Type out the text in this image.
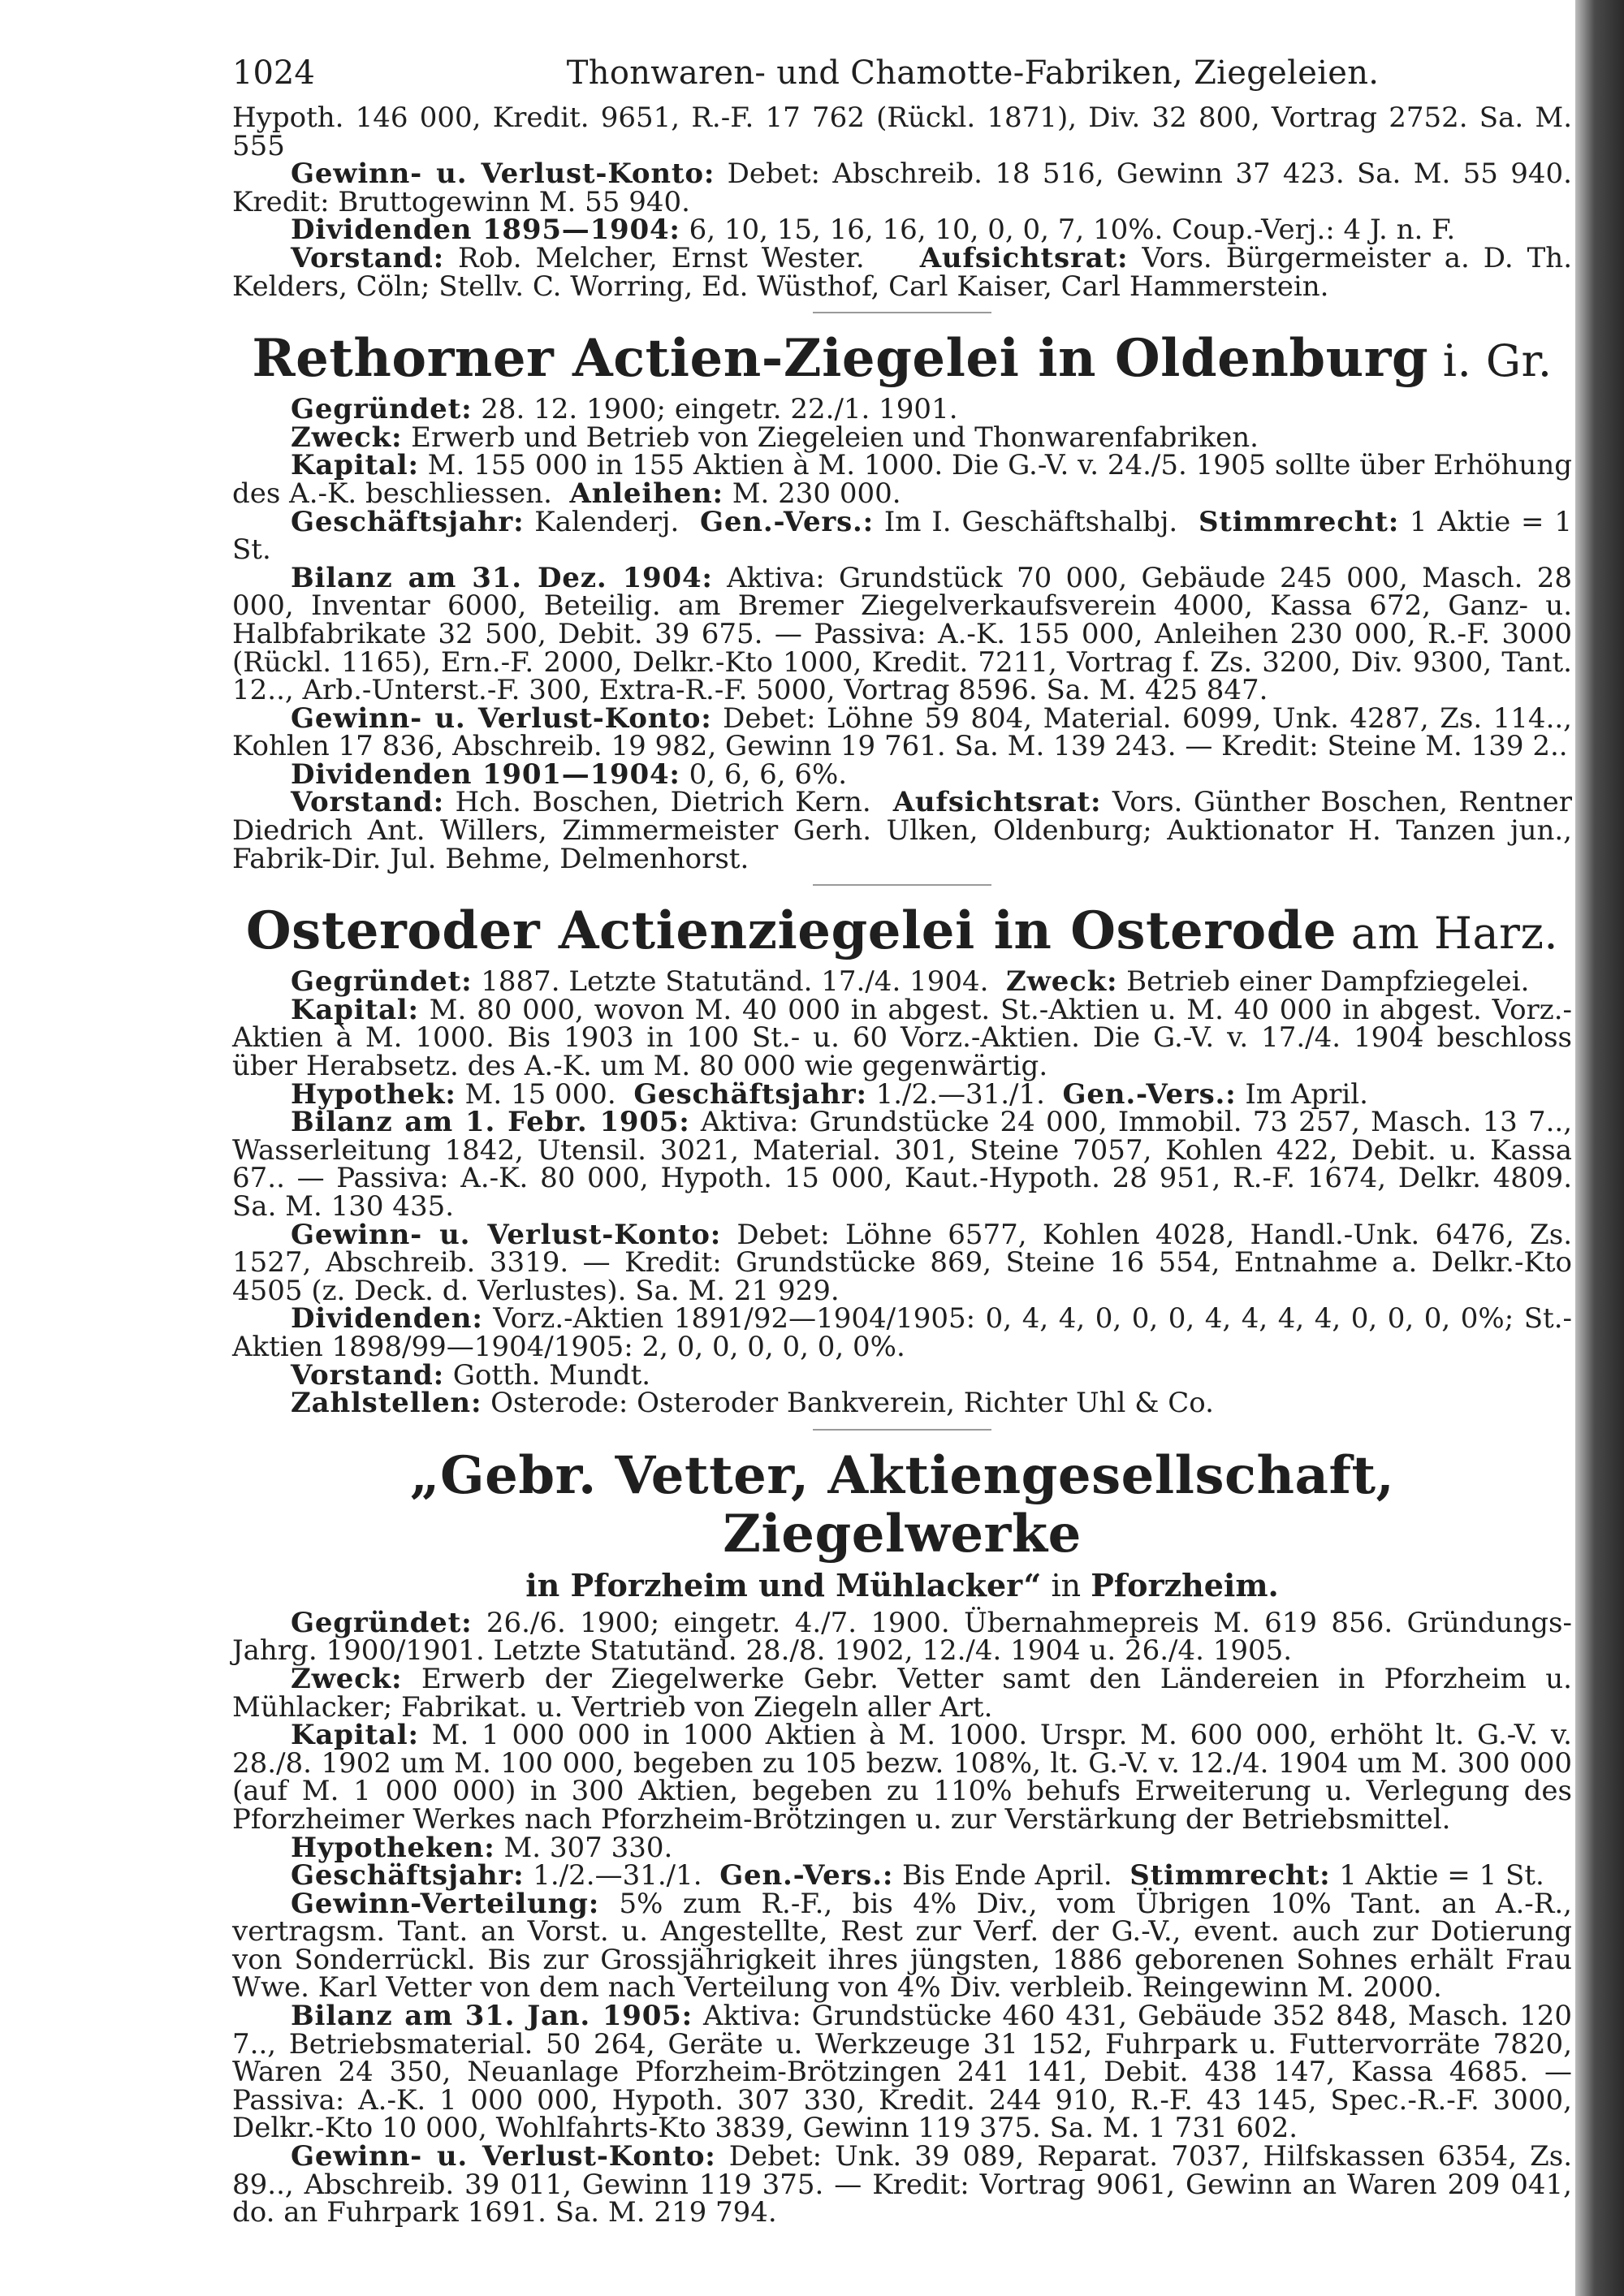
1024	Thonwaren- und Chamotte-Fabriken, Ziegeleien.

Hypoth. 146 000, Kredit. 9651, R.-F. 17 762 (Rückl. 1871), Div. 32 800, Vortrag 2752. Sa. M. 555

Gewinn- u. Verlust-Konto: Debet: Abschreib. 18 516, Gewinn 37 423. Sa. M. 55 940. Kredit: Bruttogewinn M. 55 940.

Dividenden 1895—1904: 6, 10, 15, 16, 16, 10, 0, 0, 7, 10%. Coup.-Verj.: 4 J. n. F.

Vorstand: Rob. Melcher, Ernst Wester. Aufsichtsrat: Vors. Bürgermeister a. D. Th. Kelders, Cöln; Stellv. C. Worring, Ed. Wüsthof, Carl Kaiser, Carl Hammerstein.

Rethorner Actien-Ziegelei in Oldenburg i. Gr.

Gegründet: 28. 12. 1900; eingetr. 22./1. 1901.

Zweck: Erwerb und Betrieb von Ziegeleien und Thonwarenfabriken.

Kapital: M. 155 000 in 155 Aktien à M. 1000. Die G.-V. v. 24./5. 1905 sollte über Erhöhung des A.-K. beschliessen. Anleihen: M. 230 000.

Geschäftsjahr: Kalenderj. Gen.-Vers.: Im I. Geschäftshalbj. Stimmrecht: 1 Aktie = 1 St.

Bilanz am 31. Dez. 1904: Aktiva: Grundstück 70 000, Gebäude 245 000, Masch. 28 000, Inventar 6000, Beteilig. am Bremer Ziegelverkaufsverein 4000, Kassa 672, Ganz- u. Halbfabrikate 32 500, Debit. 39 675. — Passiva: A.-K. 155 000, Anleihen 230 000, R.-F. 3000 (Rückl. 1165), Ern.-F. 2000, Delkr.-Kto 1000, Kredit. 7211, Vortrag f. Zs. 3200, Div. 9300, Tant. 12.., Arb.-Unterst.-F. 300, Extra-R.-F. 5000, Vortrag 8596. Sa. M. 425 847.

Gewinn- u. Verlust-Konto: Debet: Löhne 59 804, Material. 6099, Unk. 4287, Zs. 114.., Kohlen 17 836, Abschreib. 19 982, Gewinn 19 761. Sa. M. 139 243. — Kredit: Steine M. 139 2..

Dividenden 1901—1904: 0, 6, 6, 6%.

Vorstand: Hch. Boschen, Dietrich Kern. Aufsichtsrat: Vors. Günther Boschen, Rentner Diedrich Ant. Willers, Zimmermeister Gerh. Ulken, Oldenburg; Auktionator H. Tanzen jun., Fabrik-Dir. Jul. Behme, Delmenhorst.

Osteroder Actienziegelei in Osterode am Harz.

Gegründet: 1887. Letzte Statutänd. 17./4. 1904. Zweck: Betrieb einer Dampfziegelei.

Kapital: M. 80 000, wovon M. 40 000 in abgest. St.-Aktien u. M. 40 000 in abgest. Vorz.-Aktien à M. 1000. Bis 1903 in 100 St.- u. 60 Vorz.-Aktien. Die G.-V. v. 17./4. 1904 beschloss über Herabsetz. des A.-K. um M. 80 000 wie gegenwärtig.

Hypothek: M. 15 000. Geschäftsjahr: 1./2.—31./1. Gen.-Vers.: Im April.

Bilanz am 1. Febr. 1905: Aktiva: Grundstücke 24 000, Immobil. 73 257, Masch. 13 7.., Wasserleitung 1842, Utensil. 3021, Material. 301, Steine 7057, Kohlen 422, Debit. u. Kassa 67.. — Passiva: A.-K. 80 000, Hypoth. 15 000, Kaut.-Hypoth. 28 951, R.-F. 1674, Delkr. 4809. Sa. M. 130 435.

Gewinn- u. Verlust-Konto: Debet: Löhne 6577, Kohlen 4028, Handl.-Unk. 6476, Zs. 1527, Abschreib. 3319. — Kredit: Grundstücke 869, Steine 16 554, Entnahme a. Delkr.-Kto 4505 (z. Deck. d. Verlustes). Sa. M. 21 929.

Dividenden: Vorz.-Aktien 1891/92—1904/1905: 0, 4, 4, 0, 0, 0, 4, 4, 4, 4, 0, 0, 0, 0%; St.-Aktien 1898/99—1904/1905: 2, 0, 0, 0, 0, 0, 0%.

Vorstand: Gotth. Mundt.

Zahlstellen: Osterode: Osteroder Bankverein, Richter Uhl & Co.

„Gebr. Vetter, Aktiengesellschaft, Ziegelwerke
in Pforzheim und Mühlacker“ in Pforzheim.

Gegründet: 26./6. 1900; eingetr. 4./7. 1900. Übernahmepreis M. 619 856. Gründungs-Jahrg. 1900/1901. Letzte Statutänd. 28./8. 1902, 12./4. 1904 u. 26./4. 1905.

Zweck: Erwerb der Ziegelwerke Gebr. Vetter samt den Ländereien in Pforzheim u. Mühlacker; Fabrikat. u. Vertrieb von Ziegeln aller Art.

Kapital: M. 1 000 000 in 1000 Aktien à M. 1000. Urspr. M. 600 000, erhöht lt. G.-V. v. 28./8. 1902 um M. 100 000, begeben zu 105 bezw. 108%, lt. G.-V. v. 12./4. 1904 um M. 300 000 (auf M. 1 000 000) in 300 Aktien, begeben zu 110% behufs Erweiterung u. Verlegung des Pforzheimer Werkes nach Pforzheim-Brötzingen u. zur Verstärkung der Betriebsmittel.

Hypotheken: M. 307 330.

Geschäftsjahr: 1./2.—31./1. Gen.-Vers.: Bis Ende April. Stimmrecht: 1 Aktie = 1 St.

Gewinn-Verteilung: 5% zum R.-F., bis 4% Div., vom Übrigen 10% Tant. an A.-R., vertragsm. Tant. an Vorst. u. Angestellte, Rest zur Verf. der G.-V., event. auch zur Dotierung von Sonderrückl. Bis zur Grossjährigkeit ihres jüngsten, 1886 geborenen Sohnes erhält Frau Wwe. Karl Vetter von dem nach Verteilung von 4% Div. verbleib. Reingewinn M. 2000.

Bilanz am 31. Jan. 1905: Aktiva: Grundstücke 460 431, Gebäude 352 848, Masch. 120 7.., Betriebsmaterial. 50 264, Geräte u. Werkzeuge 31 152, Fuhrpark u. Futtervorräte 7820, Waren 24 350, Neuanlage Pforzheim-Brötzingen 241 141, Debit. 438 147, Kassa 4685. — Passiva: A.-K. 1 000 000, Hypoth. 307 330, Kredit. 244 910, R.-F. 43 145, Spec.-R.-F. 3000, Delkr.-Kto 10 000, Wohlfahrts-Kto 3839, Gewinn 119 375. Sa. M. 1 731 602.

Gewinn- u. Verlust-Konto: Debet: Unk. 39 089, Reparat. 7037, Hilfskassen 6354, Zs. 89.., Abschreib. 39 011, Gewinn 119 375. — Kredit: Vortrag 9061, Gewinn an Waren 209 041, do. an Fuhrpark 1691. Sa. M. 219 794.
